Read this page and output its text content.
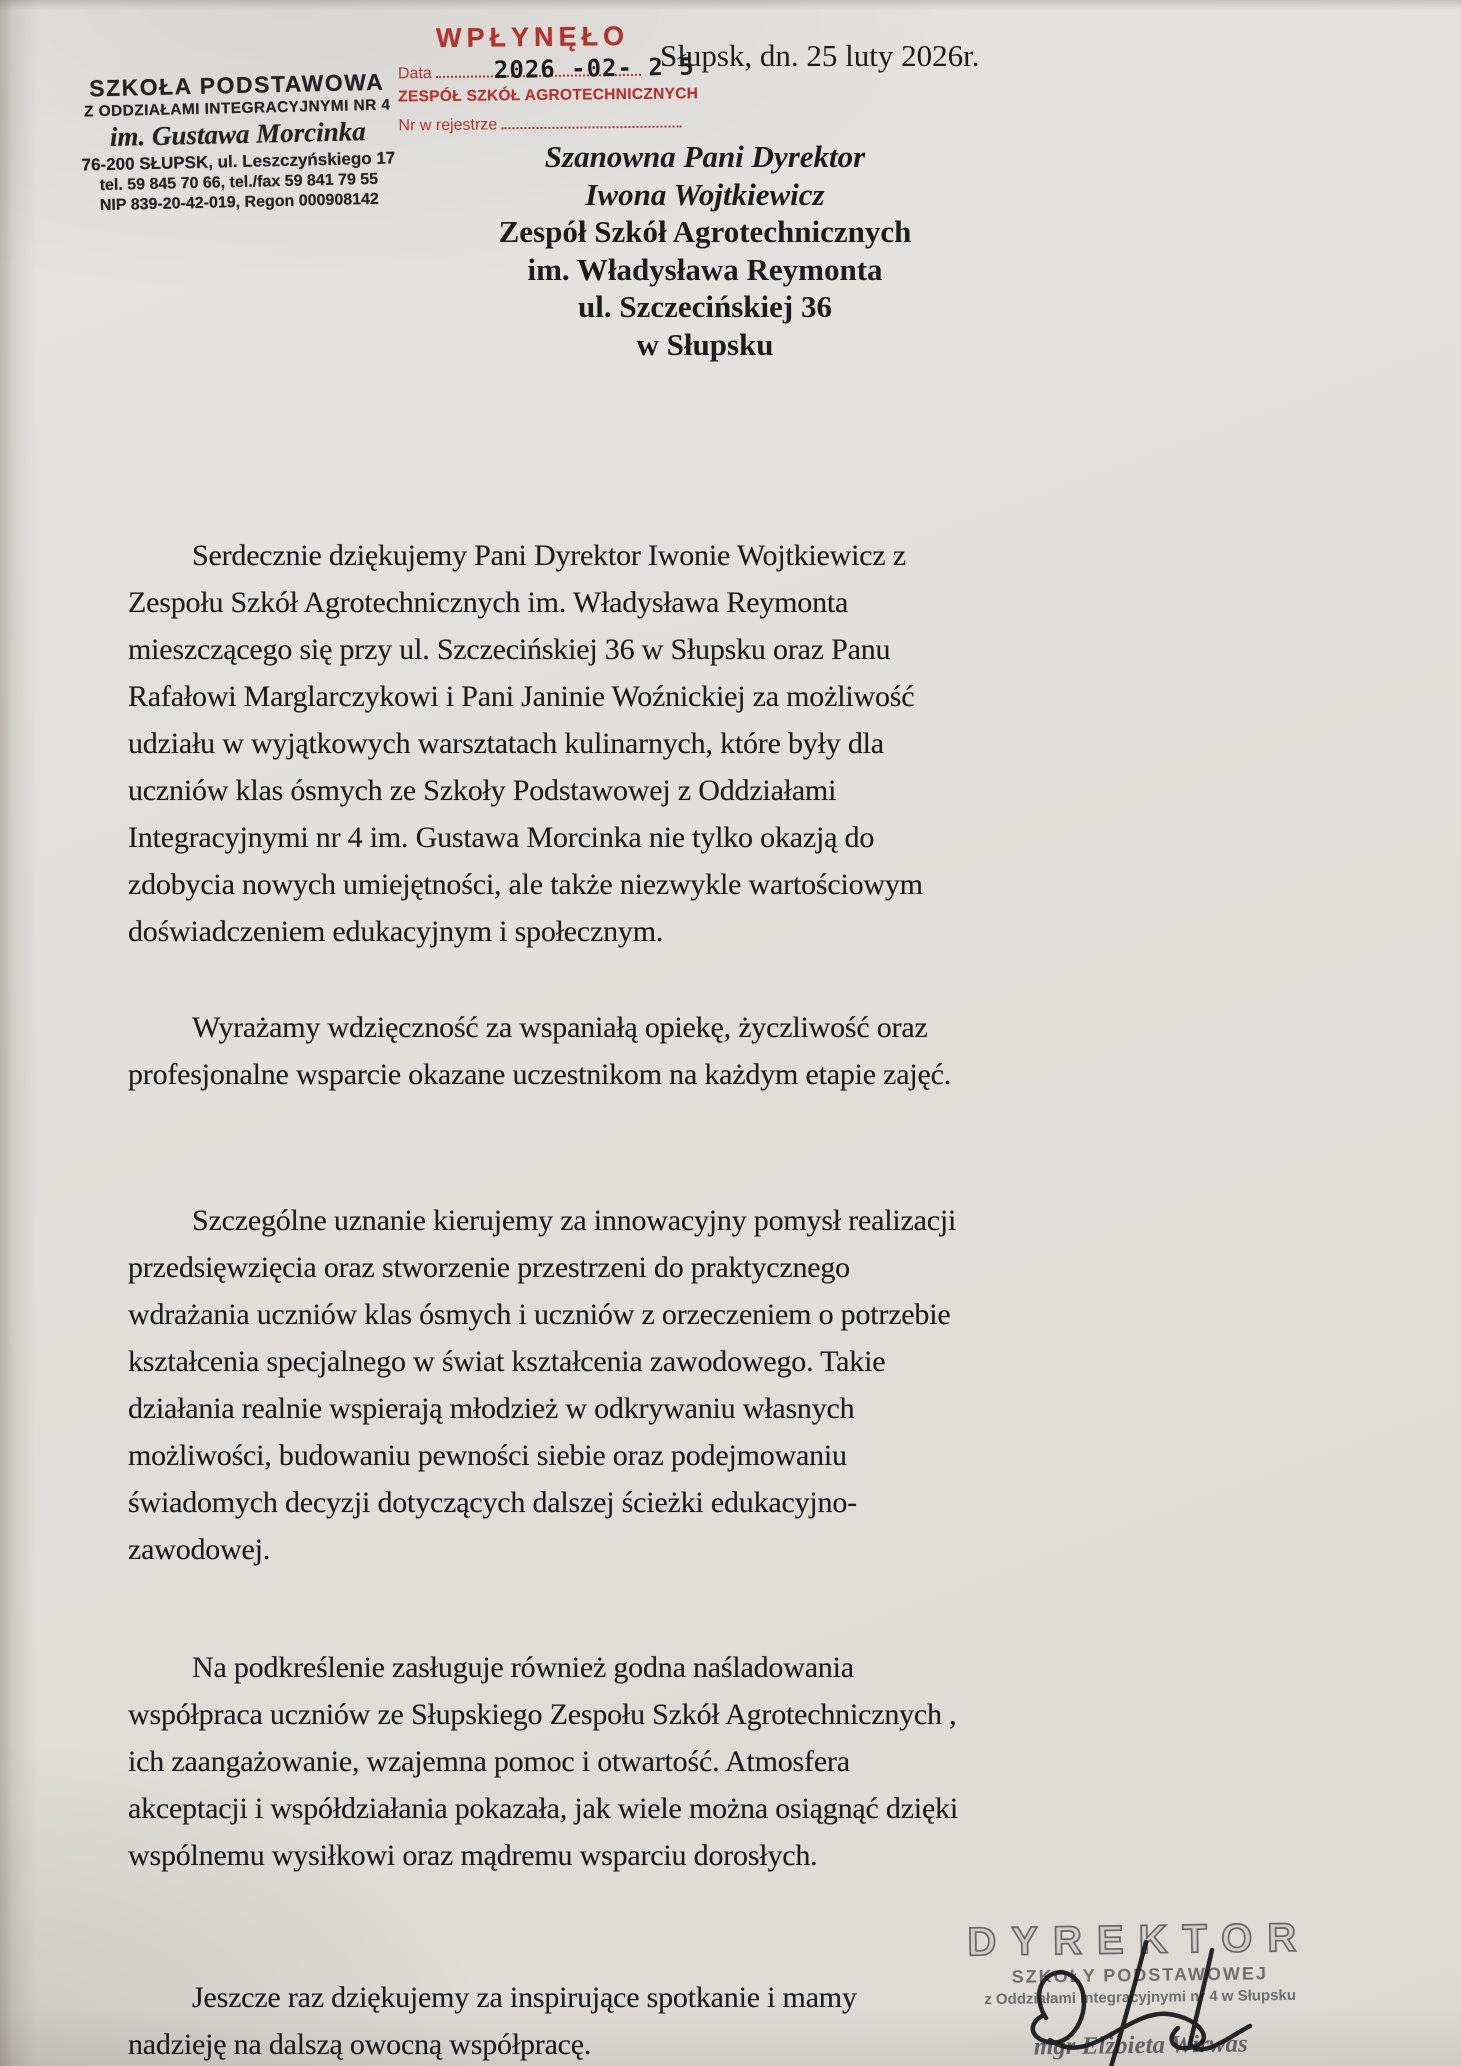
SZKOŁA PODSTAWOWA
Z ODDZIAŁAMI INTEGRACYJNYMI NR 4
im. Gustawa Morcinka
76-200 SŁUPSK, ul. Leszczyńskiego 17
tel. 59 845 70 66, tel./fax 59 841 79 55
NIP 839-20-42-019, Regon 000908142
WPŁYNĘŁO
Data	2026 -02- 2 5
ZESPÓŁ SZKÓŁ AGROTECHNICZNYCH
Nr w rejestrze
Słupsk, dn. 25 luty 2026r.
Szanowna Pani Dyrektor
Iwona Wojtkiewicz
Zespół Szkół Agrotechnicznych
im. Władysława Reymonta
ul. Szczecińskiej 36
w Słupsku

Serdecznie dziękujemy Pani Dyrektor Iwonie Wojtkiewicz z Zespołu Szkół Agrotechnicznych im. Władysława Reymonta mieszczącego się przy ul. Szczecińskiej 36 w Słupsku oraz Panu Rafałowi Marglarczykowi i Pani Janinie Woźnickiej za możliwość udziału w wyjątkowych warsztatach kulinarnych, które były dla uczniów klas ósmych ze Szkoły Podstawowej z Oddziałami Integracyjnymi nr 4 im. Gustawa Morcinka nie tylko okazją do zdobycia nowych umiejętności, ale także niezwykle wartościowym doświadczeniem edukacyjnym i społecznym.

Wyrażamy wdzięczność za wspaniałą opiekę, życzliwość oraz profesjonalne wsparcie okazane uczestnikom na każdym etapie zajęć.

Szczególne uznanie kierujemy za innowacyjny pomysł realizacji przedsięwzięcia oraz stworzenie przestrzeni do praktycznego wdrażania uczniów klas ósmych i uczniów z orzeczeniem o potrzebie kształcenia specjalnego w świat kształcenia zawodowego. Takie działania realnie wspierają młodzież w odkrywaniu własnych możliwości, budowaniu pewności siebie oraz podejmowaniu świadomych decyzji dotyczących dalszej ścieżki edukacyjno-zawodowej.

Na podkreślenie zasługuje również godna naśladowania współpraca uczniów ze Słupskiego Zespołu Szkół Agrotechnicznych , ich zaangażowanie, wzajemna pomoc i otwartość. Atmosfera akceptacji i współdziałania pokazała, jak wiele można osiągnąć dzięki wspólnemu wysiłkowi oraz mądremu wsparciu dorosłych.

Jeszcze raz dziękujemy za inspirujące spotkanie i mamy nadzieję na dalszą owocną współpracę.

DYREKTOR
SZKOŁY PODSTAWOWEJ
z Oddziałami Integracyjnymi nr 4 w Słupsku
mgr Elżbieta Wirwas
